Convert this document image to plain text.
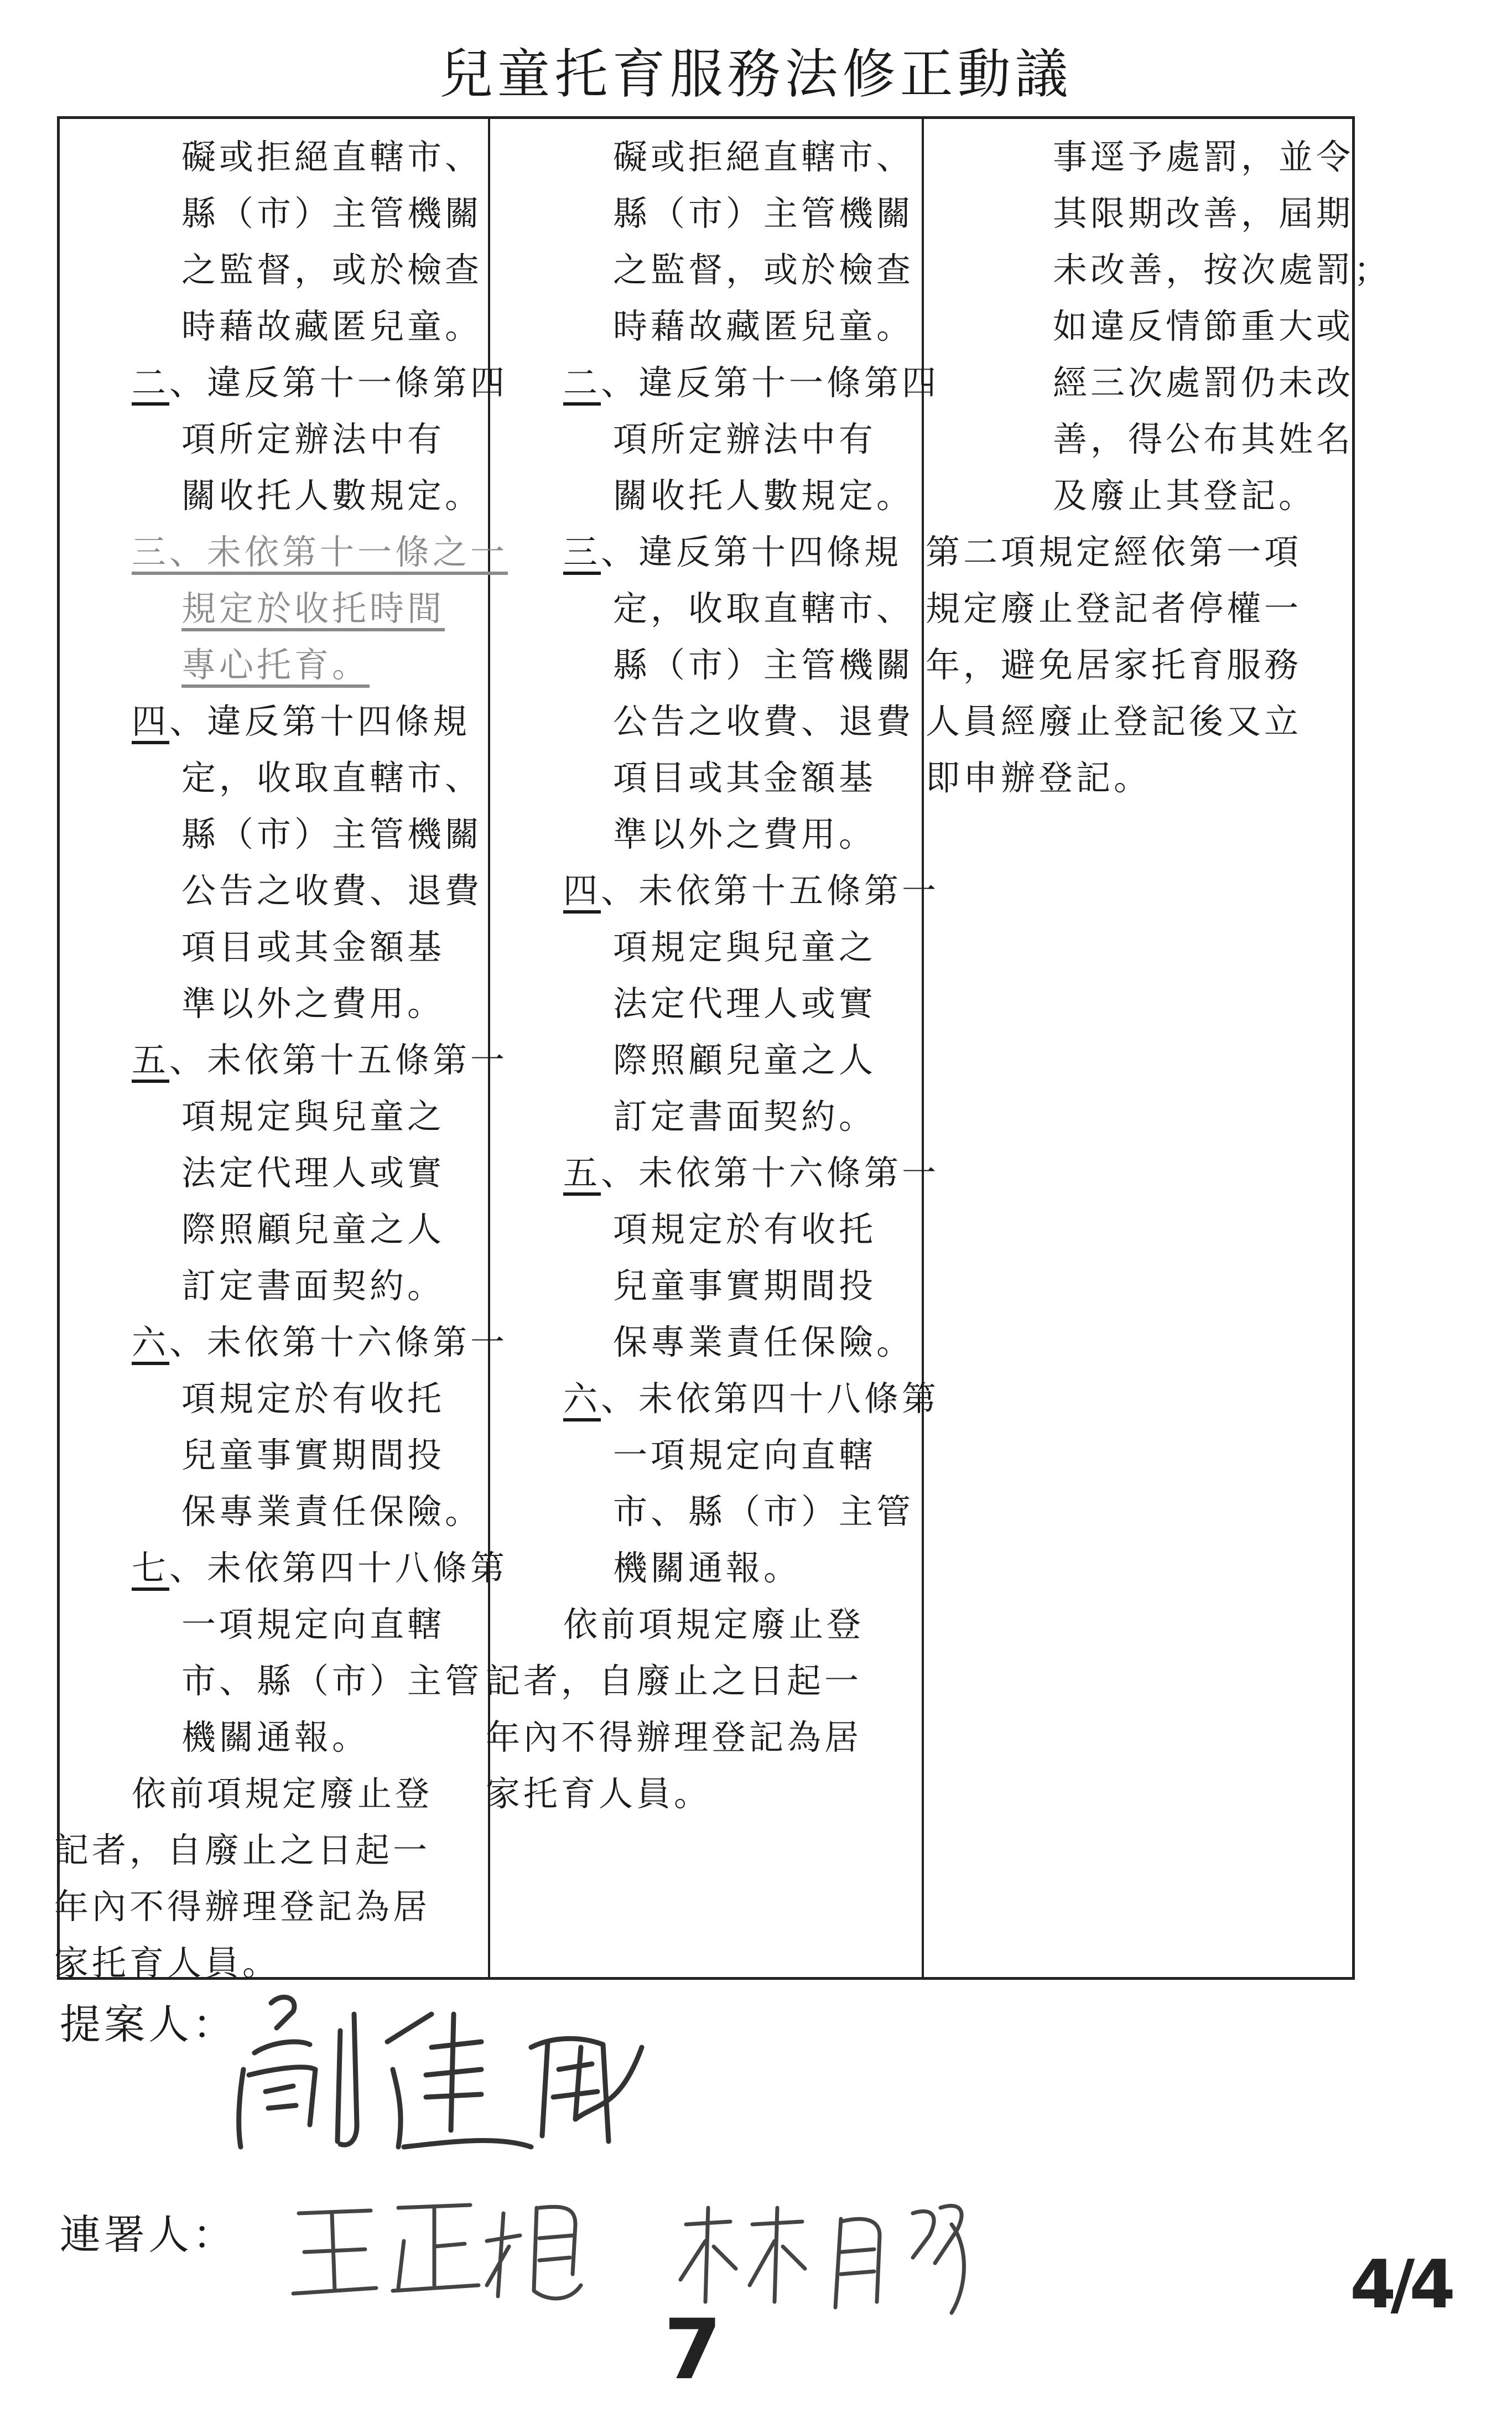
兒童托育服務法修正動議
礙或拒絕直轄市、
縣（市）主管機關
之監督，或於檢查
時藉故藏匿兒童。
二、違反第十一條第四
項所定辦法中有
關收托人數規定。
三、未依第十一條之一
規定於收托時間
專心托育。
四、違反第十四條規
定，收取直轄市、
縣（市）主管機關
公告之收費、退費
項目或其金額基
準以外之費用。
五、未依第十五條第一
項規定與兒童之
法定代理人或實
際照顧兒童之人
訂定書面契約。
六、未依第十六條第一
項規定於有收托
兒童事實期間投
保專業責任保險。
七、未依第四十八條第
一項規定向直轄
市、縣（市）主管
機關通報。
依前項規定廢止登
記者，自廢止之日起一
年內不得辦理登記為居
家托育人員。
礙或拒絕直轄市、
縣（市）主管機關
之監督，或於檢查
時藉故藏匿兒童。
二、違反第十一條第四
項所定辦法中有
關收托人數規定。
三、違反第十四條規
定，收取直轄市、
縣（市）主管機關
公告之收費、退費
項目或其金額基
準以外之費用。
四、未依第十五條第一
項規定與兒童之
法定代理人或實
際照顧兒童之人
訂定書面契約。
五、未依第十六條第一
項規定於有收托
兒童事實期間投
保專業責任保險。
六、未依第四十八條第
一項規定向直轄
市、縣（市）主管
機關通報。
依前項規定廢止登
記者，自廢止之日起一
年內不得辦理登記為居
家托育人員。
事逕予處罰，並令
其限期改善，屆期
未改善，按次處罰；
如違反情節重大或
經三次處罰仍未改
善，得公布其姓名
及廢止其登記。
第二項規定經依第一項
規定廢止登記者停權一
年，避免居家托育服務
人員經廢止登記後又立
即申辦登記。
提案人：
連署人：
7
4/4
